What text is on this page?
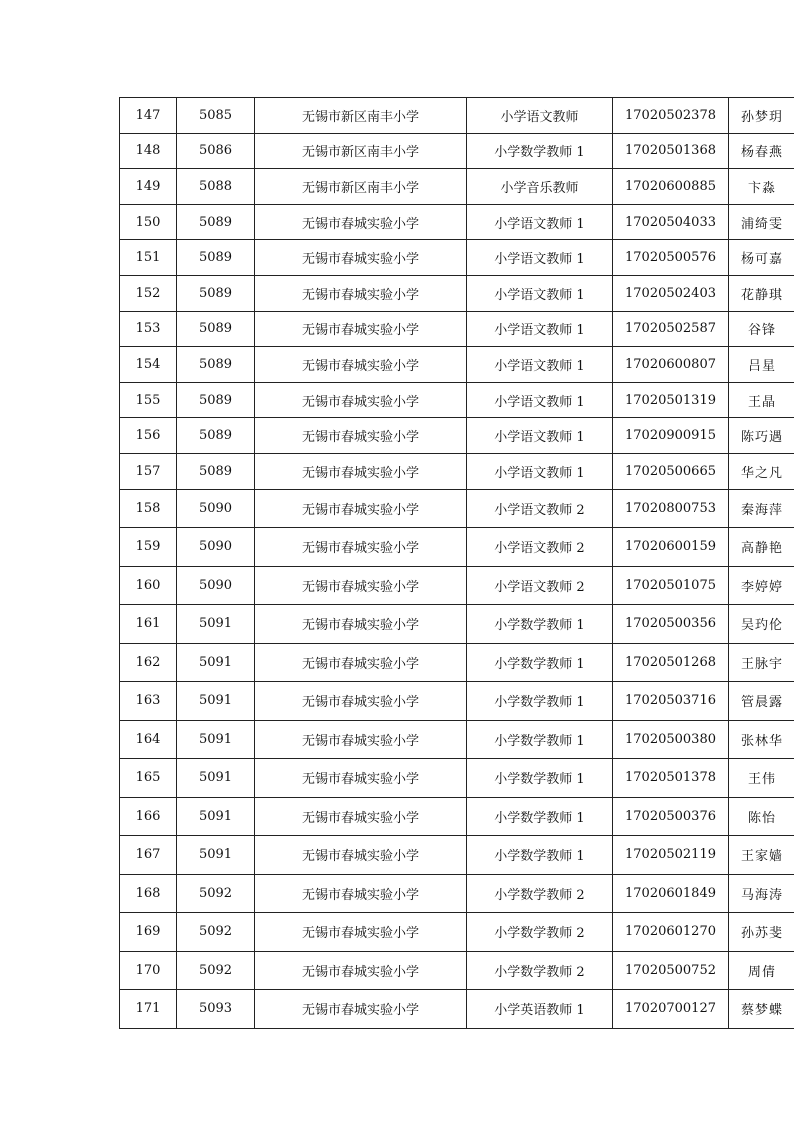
147	5085	无锡市新区南丰小学	小学语文教师	17020502378	孙梦玥
148	5086	无锡市新区南丰小学	小学数学教师 1	17020501368	杨春燕
149	5088	无锡市新区南丰小学	小学音乐教师	17020600885	卞淼
150	5089	无锡市春城实验小学	小学语文教师 1	17020504033	浦绮雯
151	5089	无锡市春城实验小学	小学语文教师 1	17020500576	杨可嘉
152	5089	无锡市春城实验小学	小学语文教师 1	17020502403	花静琪
153	5089	无锡市春城实验小学	小学语文教师 1	17020502587	谷锋
154	5089	无锡市春城实验小学	小学语文教师 1	17020600807	吕星
155	5089	无锡市春城实验小学	小学语文教师 1	17020501319	王晶
156	5089	无锡市春城实验小学	小学语文教师 1	17020900915	陈巧遇
157	5089	无锡市春城实验小学	小学语文教师 1	17020500665	华之凡
158	5090	无锡市春城实验小学	小学语文教师 2	17020800753	秦海萍
159	5090	无锡市春城实验小学	小学语文教师 2	17020600159	高静艳
160	5090	无锡市春城实验小学	小学语文教师 2	17020501075	李婷婷
161	5091	无锡市春城实验小学	小学数学教师 1	17020500356	吴玓伦
162	5091	无锡市春城实验小学	小学数学教师 1	17020501268	王脉宇
163	5091	无锡市春城实验小学	小学数学教师 1	17020503716	管晨露
164	5091	无锡市春城实验小学	小学数学教师 1	17020500380	张林华
165	5091	无锡市春城实验小学	小学数学教师 1	17020501378	王伟
166	5091	无锡市春城实验小学	小学数学教师 1	17020500376	陈怡
167	5091	无锡市春城实验小学	小学数学教师 1	17020502119	王家嫱
168	5092	无锡市春城实验小学	小学数学教师 2	17020601849	马海涛
169	5092	无锡市春城实验小学	小学数学教师 2	17020601270	孙苏斐
170	5092	无锡市春城实验小学	小学数学教师 2	17020500752	周倩
171	5093	无锡市春城实验小学	小学英语教师 1	17020700127	蔡梦蝶
